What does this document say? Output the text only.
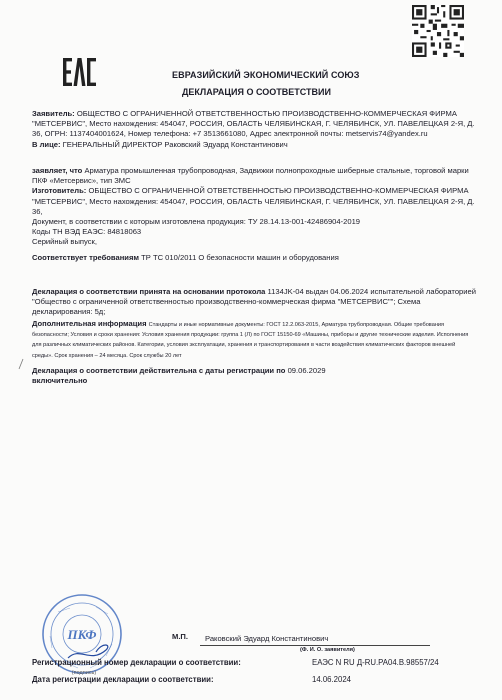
ЕВРАЗИЙСКИЙ ЭКОНОМИЧЕСКИЙ СОЮЗ
ДЕКЛАРАЦИЯ О СООТВЕТСТВИИ
Заявитель: ОБЩЕСТВО С ОГРАНИЧЕННОЙ ОТВЕТСТВЕННОСТЬЮ ПРОИЗВОДСТВЕННО-КОММЕРЧЕСКАЯ ФИРМА "МЕТСЕРВИС", Место нахождения: 454047, РОССИЯ, ОБЛАСТЬ ЧЕЛЯБИНСКАЯ, Г. ЧЕЛЯБИНСК, УЛ. ПАВЕЛЕЦКАЯ 2-Я, Д. 36, ОГРН: 1137404001624, Номер телефона: +7 3513661080, Адрес электронной почты: metservis74@yandex.ru
В лице: ГЕНЕРАЛЬНЫЙ ДИРЕКТОР Раковский Эдуард Константинович
заявляет, что Арматура промышленная трубопроводная, Задвижки полнопроходные шиберные стальные, торговой марки ПКФ «Метсервис», тип ЗМС
Изготовитель: ОБЩЕСТВО С ОГРАНИЧЕННОЙ ОТВЕТСТВЕННОСТЬЮ ПРОИЗВОДСТВЕННО-КОММЕРЧЕСКАЯ ФИРМА "МЕТСЕРВИС", Место нахождения: 454047, РОССИЯ, ОБЛАСТЬ ЧЕЛЯБИНСКАЯ, Г. ЧЕЛЯБИНСК, УЛ. ПАВЕЛЕЦКАЯ 2-Я, Д. 36,
Документ, в соответствии с которым изготовлена продукция: ТУ 28.14.13-001-42486904-2019
Коды ТН ВЭД ЕАЭС: 84818063
Серийный выпуск,
Соответствует требованиям ТР ТС 010/2011 О безопасности машин и оборудования
Декларация о соответствии принята на основании протокола 1134JK-04 выдан 04.06.2024 испытательной лабораторией "Общество с ограниченной ответственностью производственно-коммерческая фирма "МЕТСЕРВИС""; Схема декларирования: 5д;
Дополнительная информация Стандарты и иные нормативные документы: ГОСТ 12.2.063-2015, Арматура трубопроводная. Общие требования безопасности; Условия и сроки хранения: Условия хранения продукции: группа 1 (Л) по ГОСТ 15150-69 «Машины, приборы и другие технические изделия. Исполнения для различных климатических районов. Категории, условия эксплуатации, хранения и транспортирования в части воздействия климатических факторов внешней среды». Срок хранения – 24 месяца. Срок службы 20 лет
Декларация о соответствии действительна с даты регистрации по 09.06.2029
включительно
ПКФ
(подпись)
М.П. Раковский Эдуард Константинович
(Ф. И. О. заявителя)
Регистрационный номер декларации о соответствии:	ЕАЭС N RU Д-RU.PA04.B.98557/24
Дата регистрации декларации о соответствии:	14.06.2024
